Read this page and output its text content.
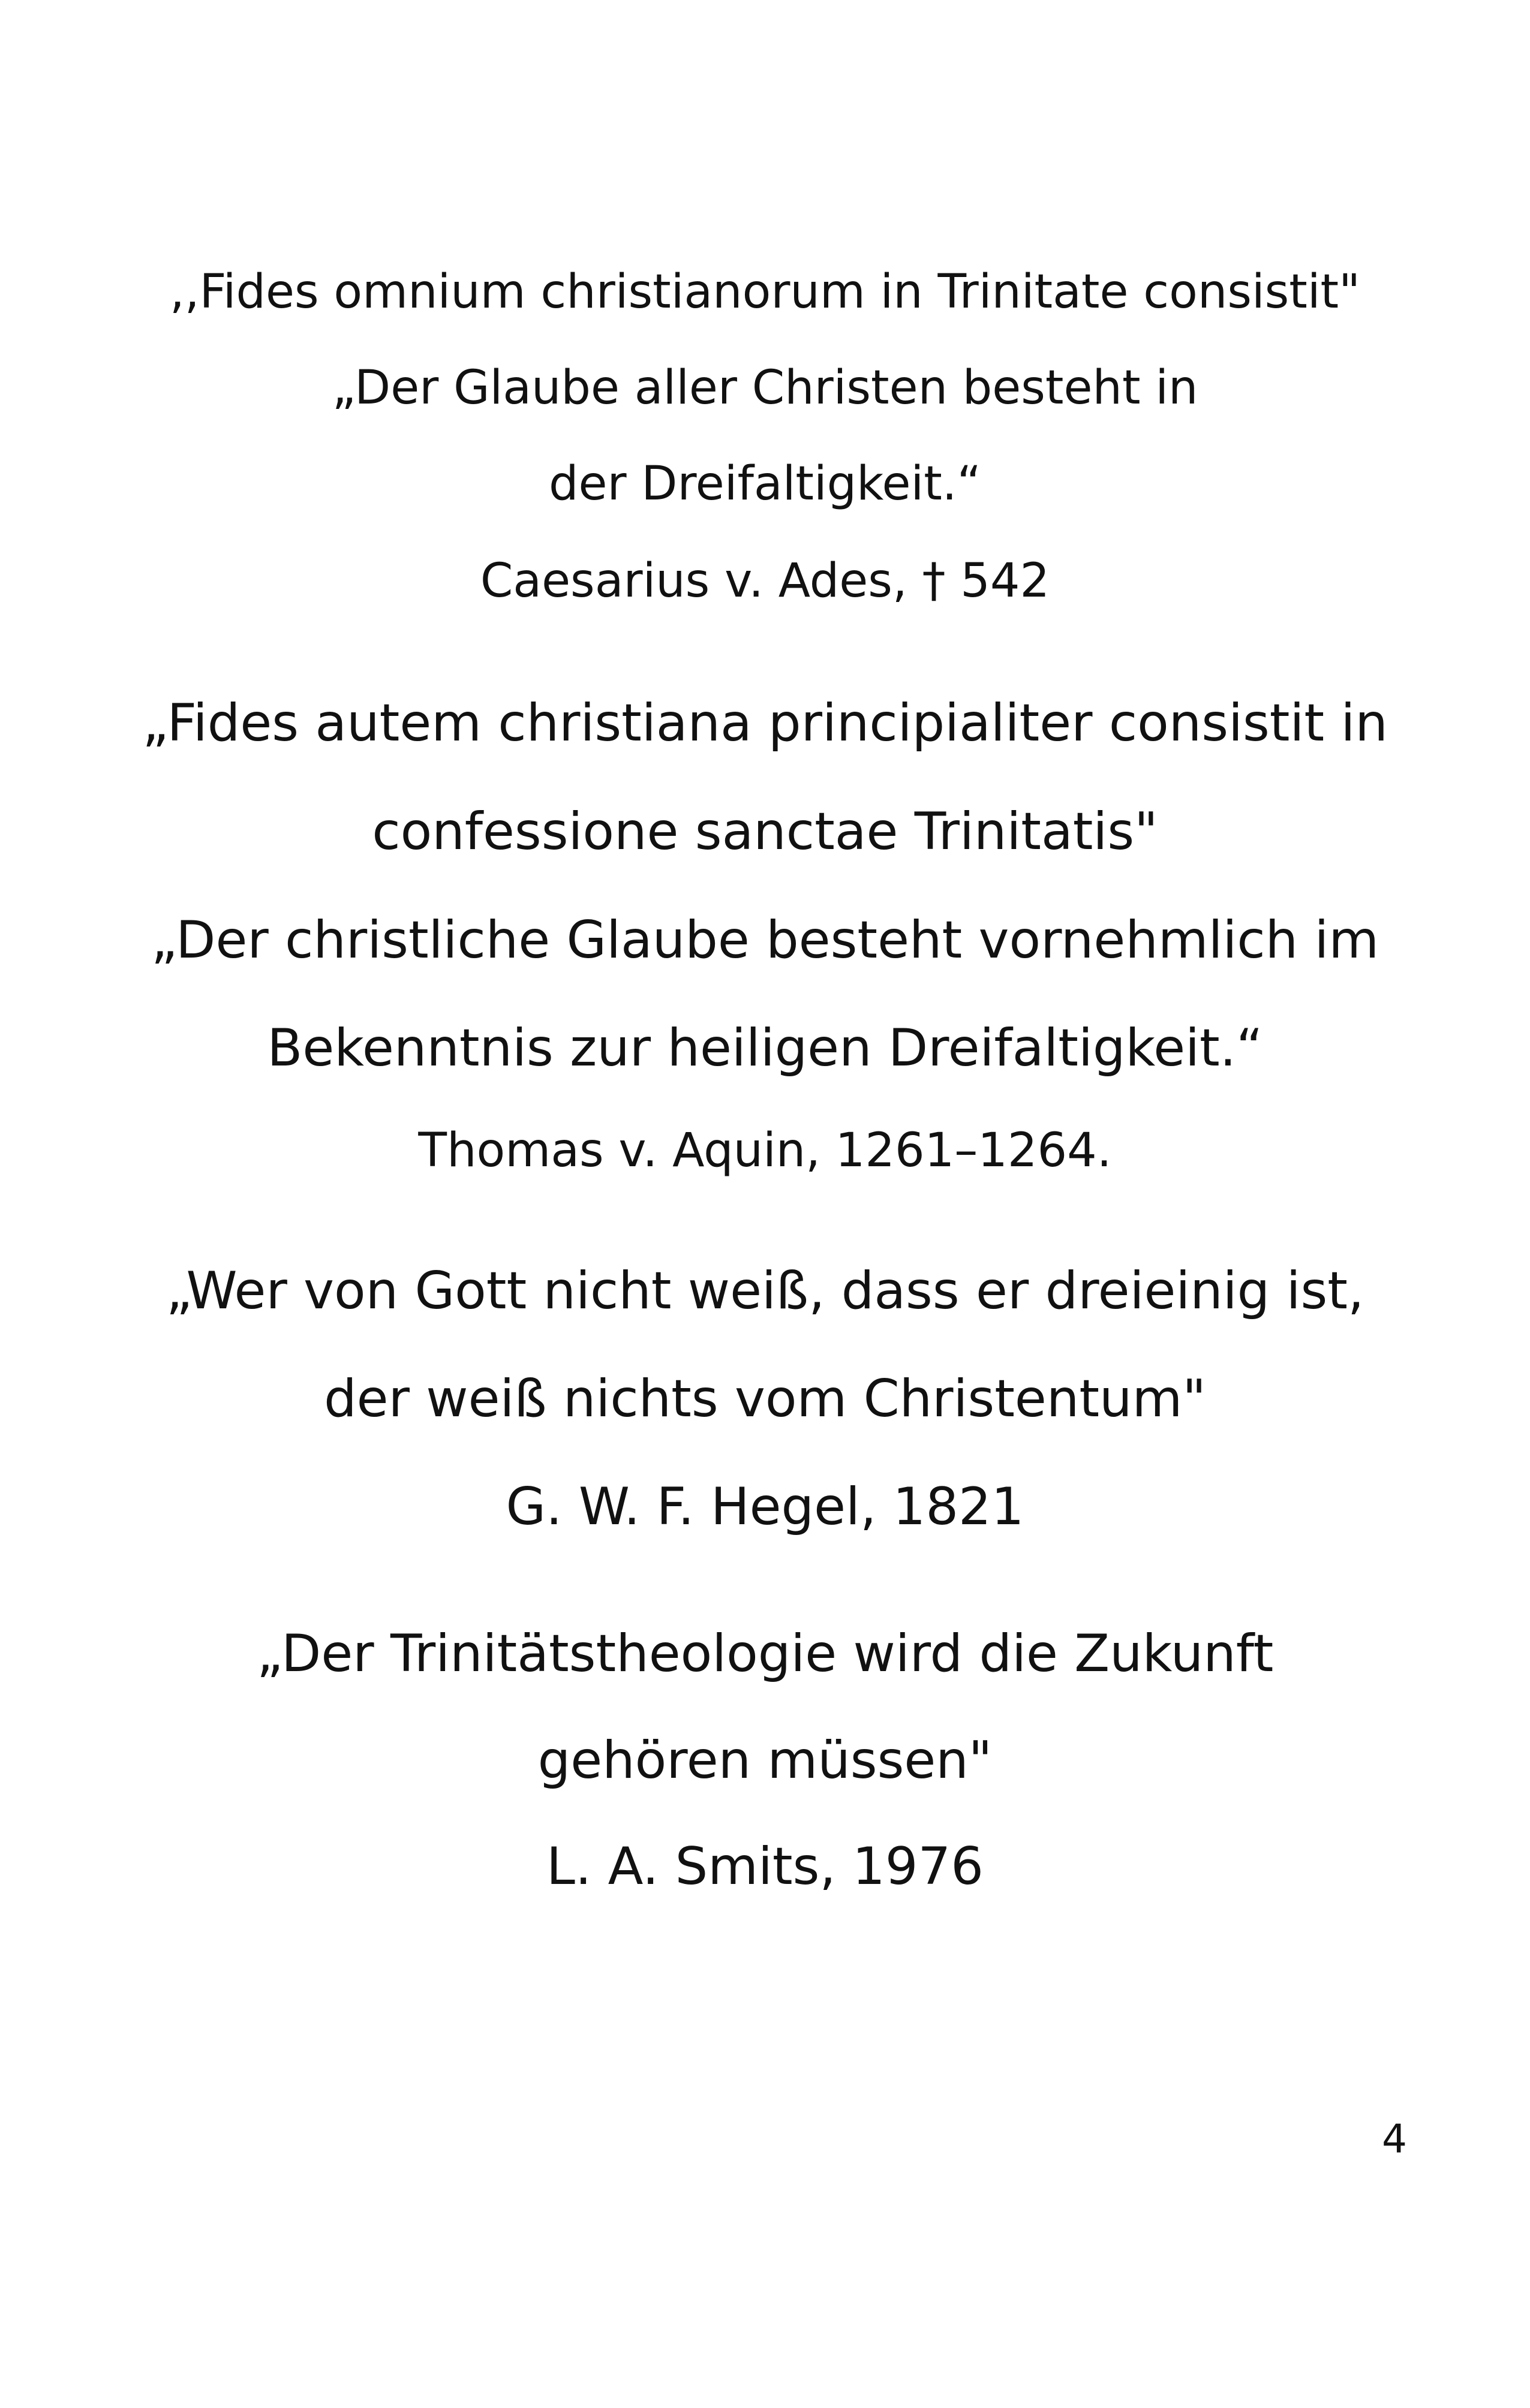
,,Fides omnium christianorum in Trinitate consistit"
„Der Glaube aller Christen besteht in
der Dreifaltigkeit.“
Caesarius v. Ades, † 542
„Fides autem christiana principialiter consistit in
confessione sanctae Trinitatis"
„Der christliche Glaube besteht vornehmlich im
Bekenntnis zur heiligen Dreifaltigkeit.“
Thomas v. Aquin, 1261–1264.
„Wer von Gott nicht weiß, dass er dreieinig ist,
der weiß nichts vom Christentum"
G. W. F. Hegel, 1821
„Der Trinitätstheologie wird die Zukunft
gehören müssen"
L. A. Smits, 1976
4
